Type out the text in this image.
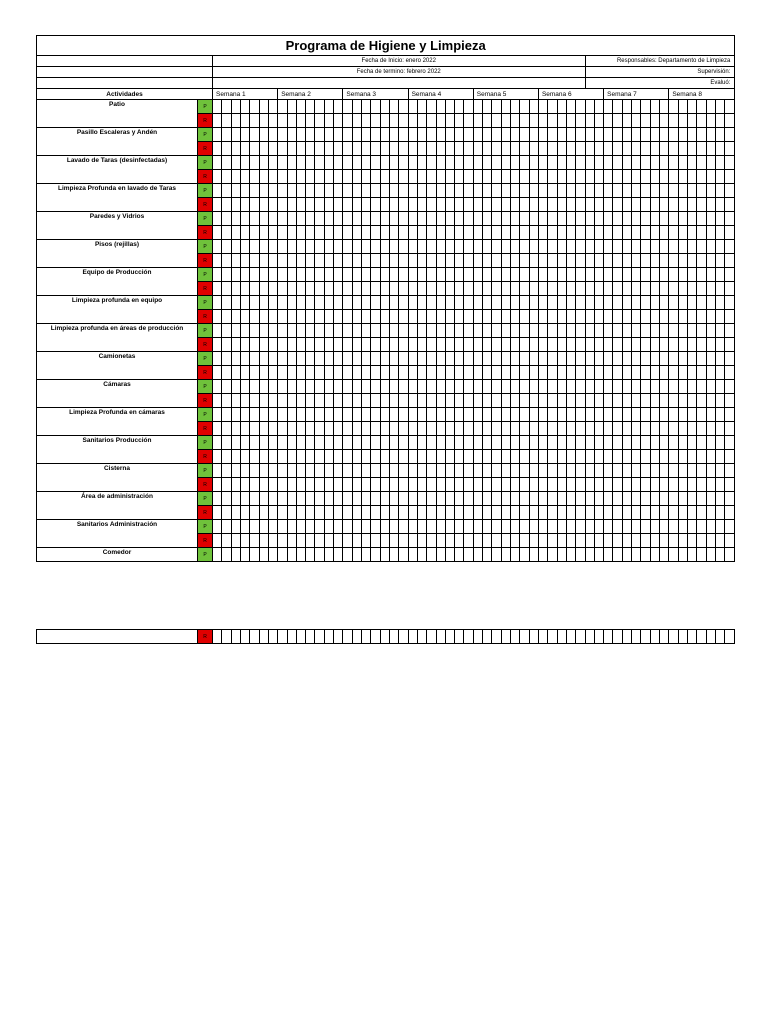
Programa de Higiene y Limpieza																																																									
		Fecha de Inicio: enero 2022																																								Responsables: Departamento de Limpieza															
		Fecha de termino: febrero 2022																																								Supervisión:															
																																										Evaluó:															
Actividades		Semana 1							Semana 2							Semana 3							Semana 4							Semana 5							Semana 6							Semana 7							Semana 8						
Patio	P																																																								
	R																																																								
Pasillo Escaleras y Andén	P																																																								
	R																																																								
Lavado de Taras (desinfectadas)	P																																																								
	R																																																								
Limpieza Profunda en lavado de Taras	P																																																								
	R																																																								
Paredes y Vidrios	P																																																								
	R																																																								
Pisos (rejillas)	P																																																								
	R																																																								
Equipo de Producción	P																																																								
	R																																																								
Limpieza profunda en equipo	P																																																								
	R																																																								
Limpieza profunda en áreas de producción	P																																																								
	R																																																								
Camionetas	P																																																								
	R																																																								
Cámaras	P																																																								
	R																																																								
Limpieza Profunda en cámaras	P																																																								
	R																																																								
Sanitarios Producción	P																																																								
	R																																																								
Cisterna	P																																																								
	R																																																								
Área de administración	P																																																								
	R																																																								
Sanitarios Administración	P																																																								
	R																																																								
Comedor	P																																																								
	R																																																								
